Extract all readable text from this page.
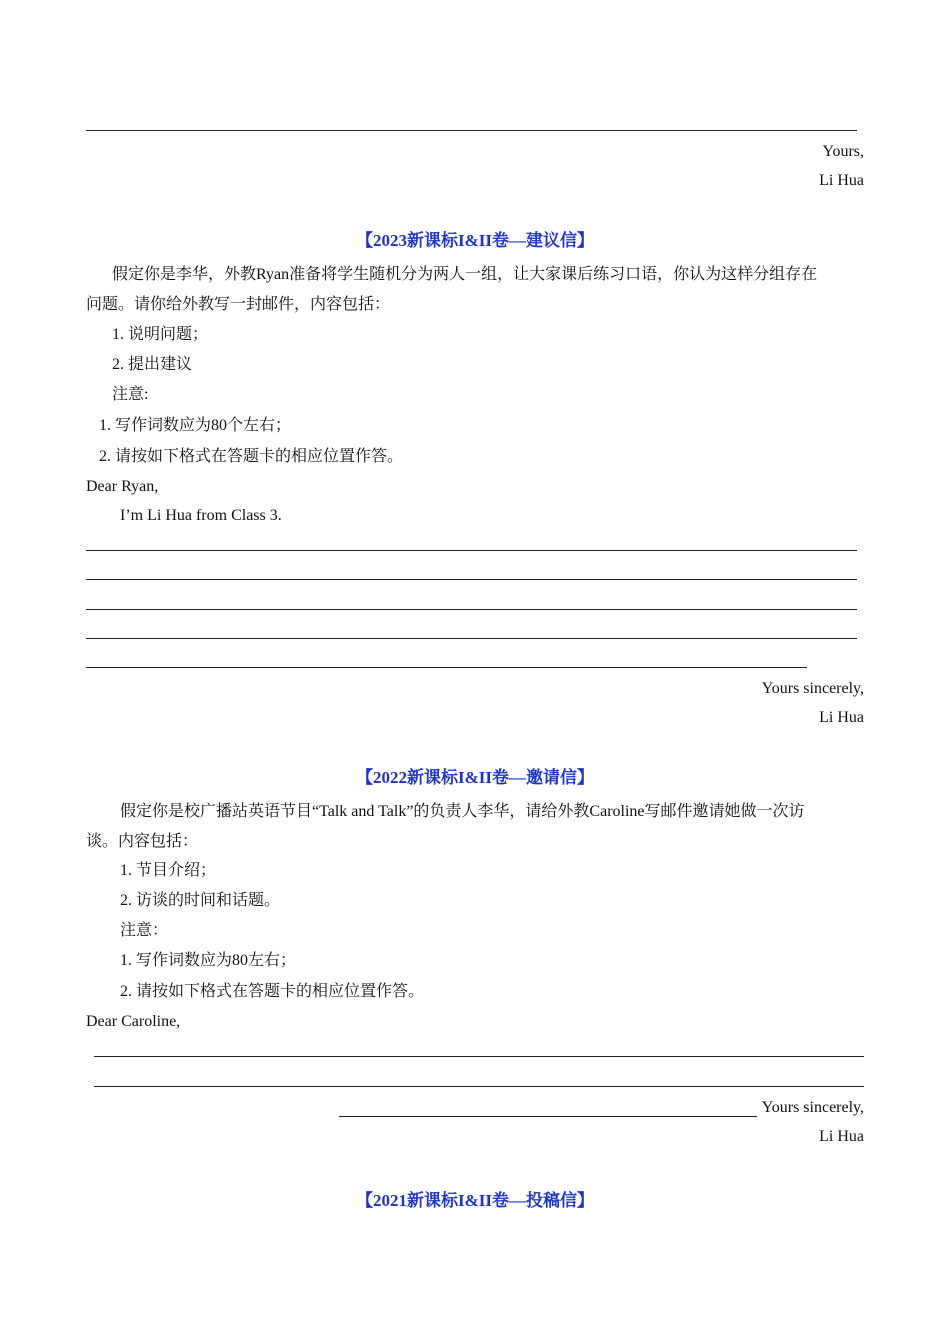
Yours,
Li Hua
【2023新课标I&II卷—建议信】
假定你是李华，外教Ryan准备将学生随机分为两人一组，让大家课后练习口语，你认为这样分组存在
问题。请你给外教写一封邮件，内容包括：
1. 说明问题；
2. 提出建议
注意:
1. 写作词数应为80个左右；
2. 请按如下格式在答题卡的相应位置作答。
Dear Ryan,
I’m Li Hua from Class 3.
Yours sincerely,
Li Hua
【2022新课标I&II卷—邀请信】
假定你是校广播站英语节目“Talk and Talk”的负责人李华，请给外教Caroline写邮件邀请她做一次访
谈。内容包括：
1. 节目介绍；
2. 访谈的时间和话题。
注意：
1. 写作词数应为80左右；
2. 请按如下格式在答题卡的相应位置作答。
Dear Caroline,
Yours sincerely,
Li Hua
【2021新课标I&II卷—投稿信】
